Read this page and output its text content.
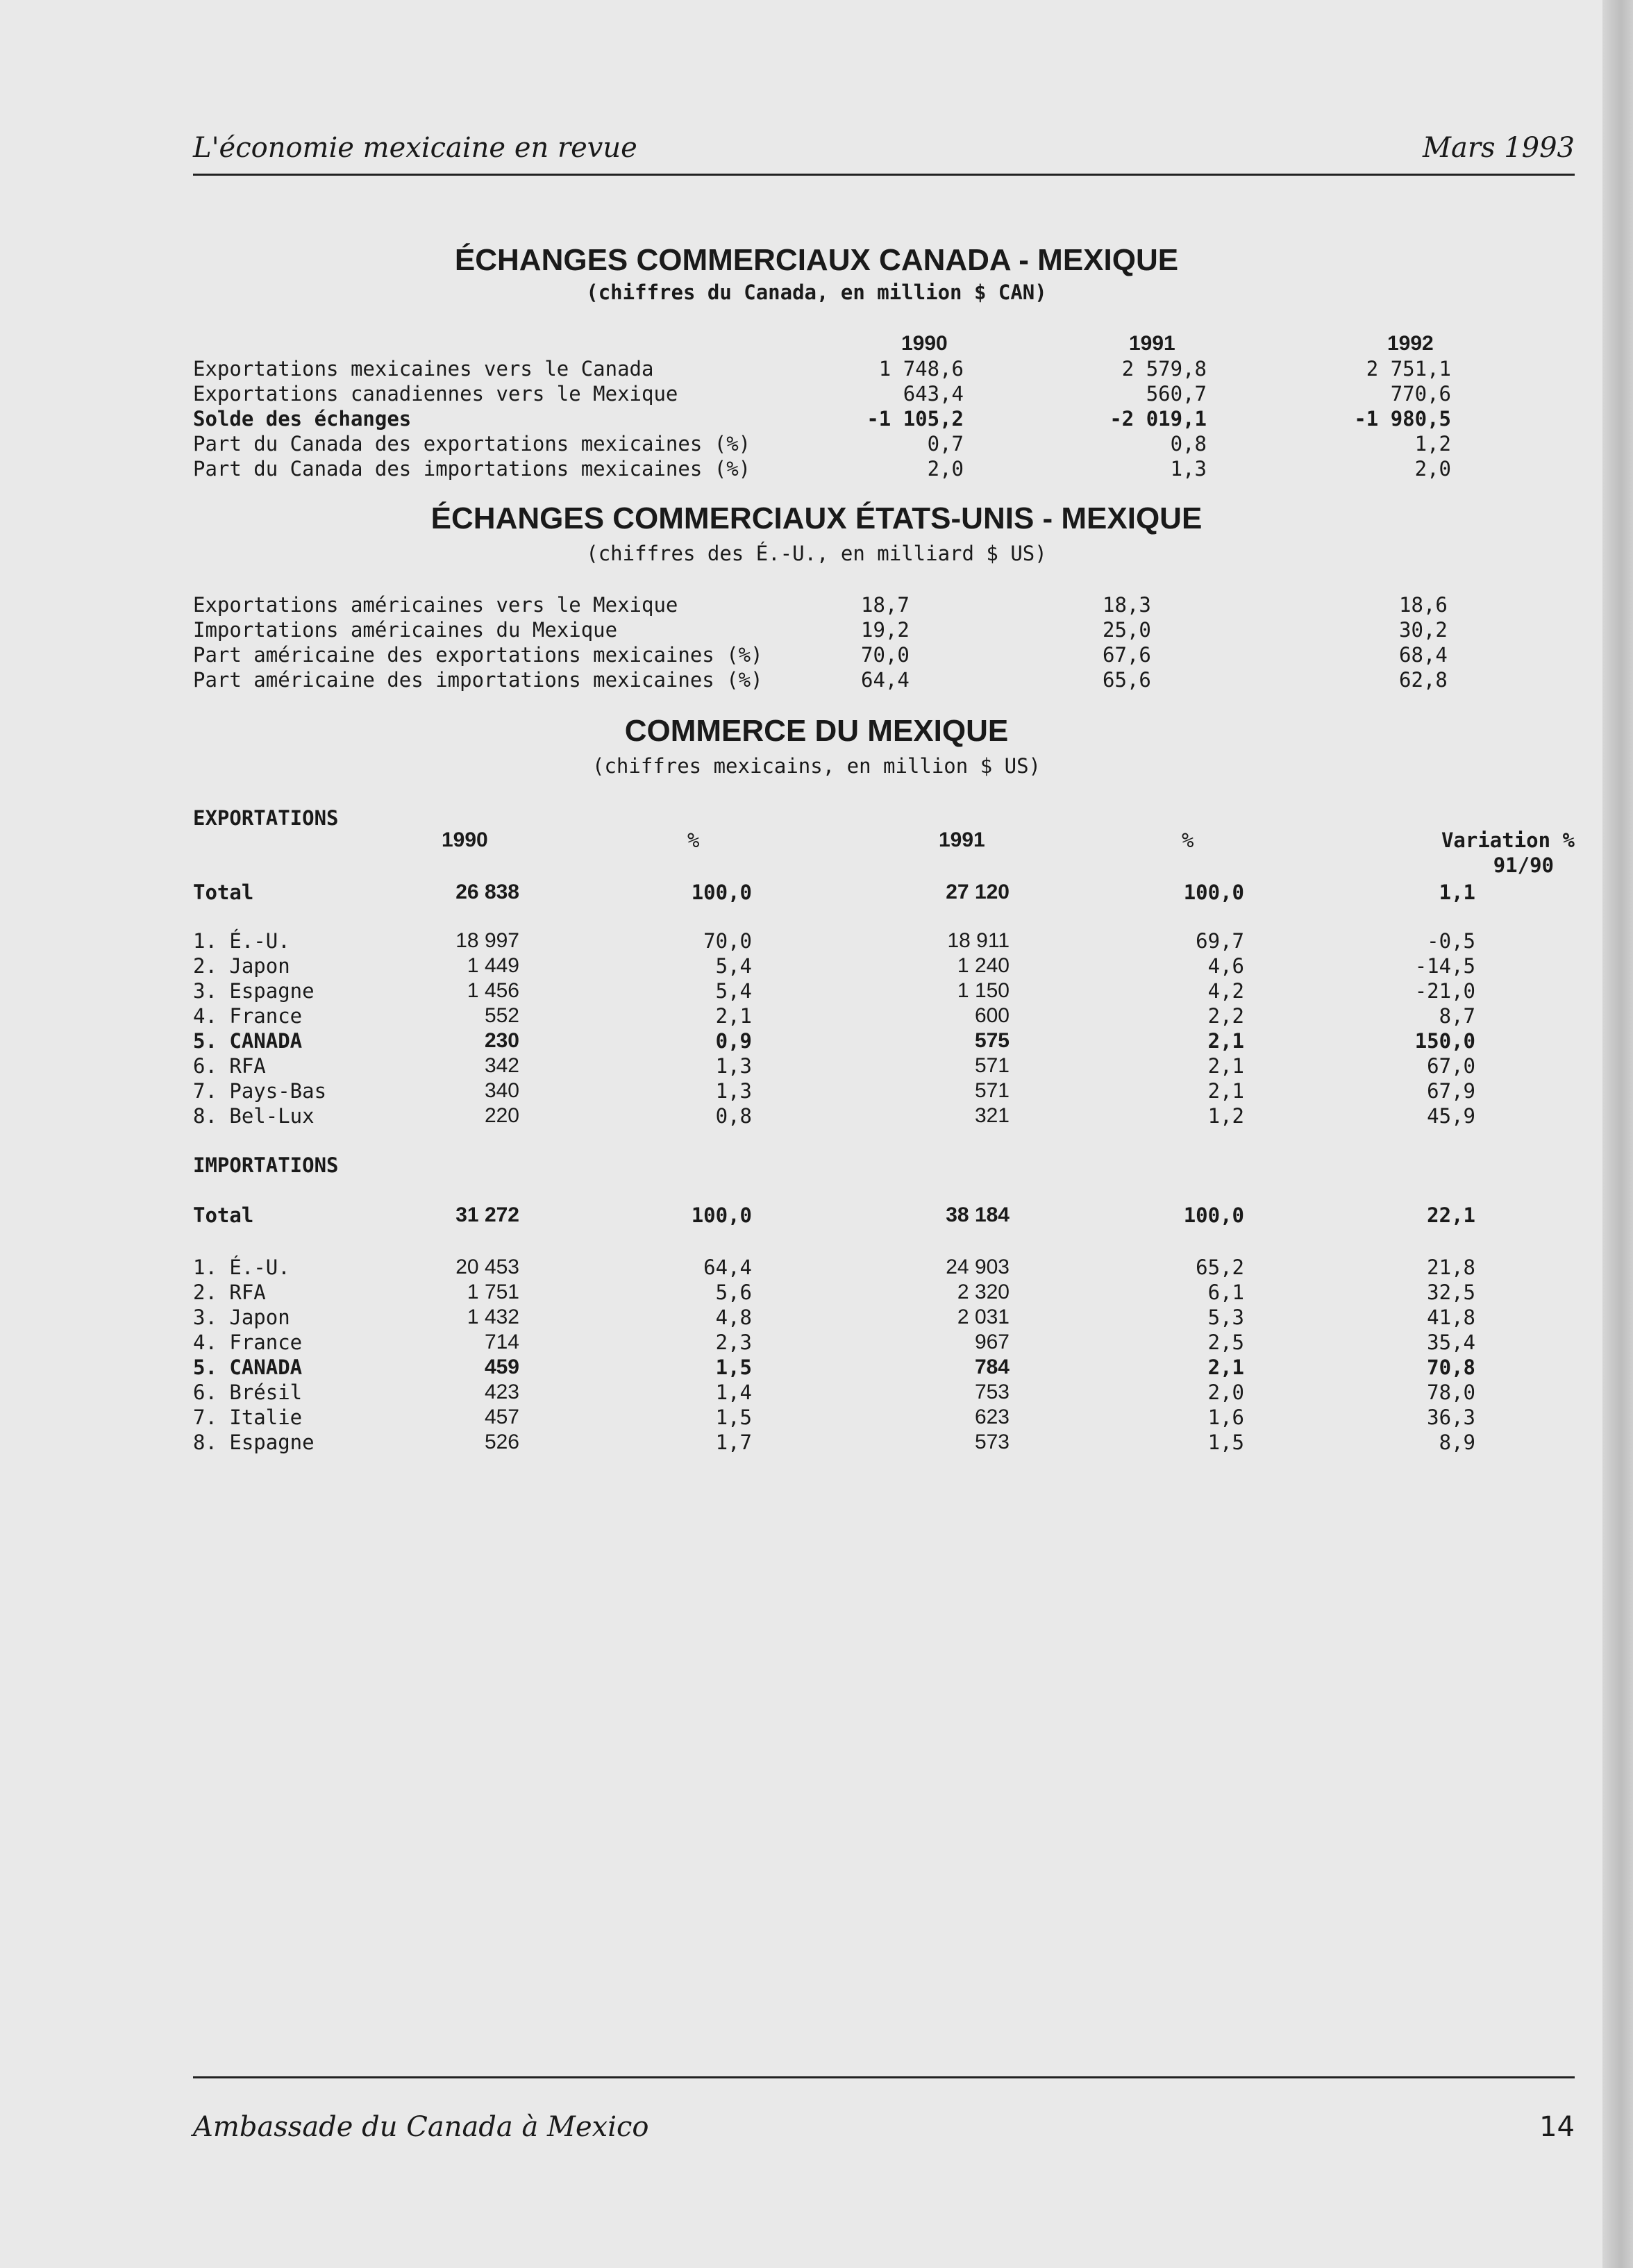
L'économie mexicaine en revue	Mars 1993
ÉCHANGES COMMERCIAUX CANADA - MEXIQUE
(chiffres du Canada, en million $ CAN)
1990	1991	1992
Exportations mexicaines vers le Canada	1 748,6	2 579,8	2 751,1
Exportations canadiennes vers le Mexique	643,4	560,7	770,6
Solde des échanges	-1 105,2	-2 019,1	-1 980,5
Part du Canada des exportations mexicaines (%)	0,7	0,8	1,2
Part du Canada des importations mexicaines (%)	2,0	1,3	2,0
ÉCHANGES COMMERCIAUX ÉTATS-UNIS - MEXIQUE
(chiffres des É.-U., en milliard $ US)
Exportations américaines vers le Mexique	18,7	18,3	18,6
Importations américaines du Mexique	19,2	25,0	30,2
Part américaine des exportations mexicaines (%)	70,0	67,6	68,4
Part américaine des importations mexicaines (%)	64,4	65,6	62,8
COMMERCE DU MEXIQUE
(chiffres mexicains, en million $ US)
EXPORTATIONS
1990	%	1991	%	Variation %
91/90
Total	26 838	100,0	27 120	100,0	1,1
1. É.-U.	18 997	70,0	18 911	69,7	-0,5
2. Japon	1 449	5,4	1 240	4,6	-14,5
3. Espagne	1 456	5,4	1 150	4,2	-21,0
4. France	552	2,1	600	2,2	8,7
5. CANADA	230	0,9	575	2,1	150,0
6. RFA	342	1,3	571	2,1	67,0
7. Pays-Bas	340	1,3	571	2,1	67,9
8. Bel-Lux	220	0,8	321	1,2	45,9
IMPORTATIONS
Total	31 272	100,0	38 184	100,0	22,1
1. É.-U.	20 453	64,4	24 903	65,2	21,8
2. RFA	1 751	5,6	2 320	6,1	32,5
3. Japon	1 432	4,8	2 031	5,3	41,8
4. France	714	2,3	967	2,5	35,4
5. CANADA	459	1,5	784	2,1	70,8
6. Brésil	423	1,4	753	2,0	78,0
7. Italie	457	1,5	623	1,6	36,3
8. Espagne	526	1,7	573	1,5	8,9
Ambassade du Canada à Mexico	14
